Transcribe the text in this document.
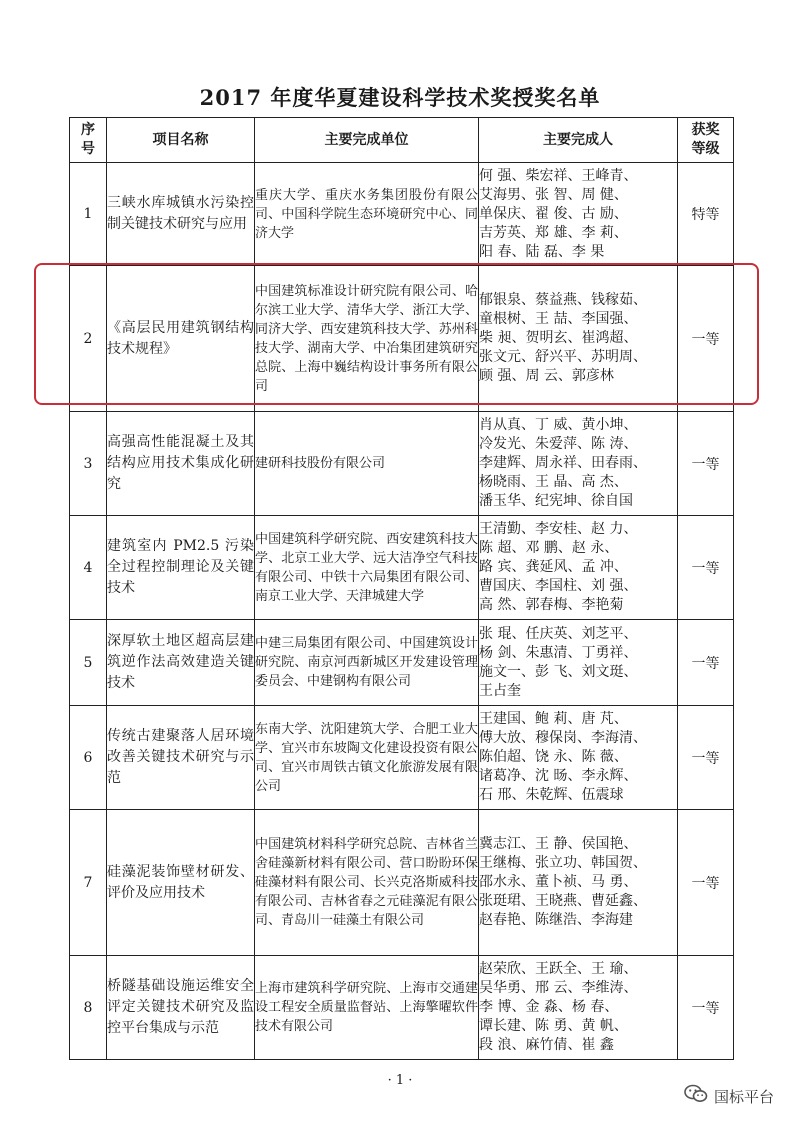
2017 年度华夏建设科学技术奖授奖名单
序号	项目名称	主要完成单位	主要完成人	获奖等级
1	三峡水库城镇水污染控制关键技术研究与应用	重庆大学、重庆水务集团股份有限公司、中国科学院生态环境研究中心、同济大学	何 强、柴宏祥、王峰青、
艾海男、张 智、周 健、
单保庆、翟 俊、古 励、
吉芳英、郑 雄、李 莉、
阳 春、陆 磊、李 果	特等
2	《高层民用建筑钢结构技术规程》	中国建筑标准设计研究院有限公司、哈尔滨工业大学、清华大学、浙江大学、同济大学、西安建筑科技大学、苏州科技大学、湖南大学、中冶集团建筑研究总院、上海中巍结构设计事务所有限公司	郁银泉、蔡益燕、钱稼茹、
童根树、王 喆、李国强、
柴 昶、贺明玄、崔鸿超、
张文元、舒兴平、苏明周、
顾 强、周 云、郭彦林	一等
3	高强高性能混凝土及其结构应用技术集成化研究	建研科技股份有限公司	肖从真、丁 威、黄小坤、
冷发光、朱爱萍、陈 涛、
李建辉、周永祥、田春雨、
杨晓雨、王 晶、高 杰、
潘玉华、纪宪坤、徐自国	一等
4	建筑室内 PM2.5 污染全过程控制理论及关键技术	中国建筑科学研究院、西安建筑科技大学、北京工业大学、远大洁净空气科技有限公司、中铁十六局集团有限公司、南京工业大学、天津城建大学	王清勤、李安桂、赵 力、
陈 超、邓 鹏、赵 永、
路 宾、龚延风、孟 冲、
曹国庆、李国柱、刘 强、
高 然、郭春梅、李艳菊	一等
5	深厚软土地区超高层建筑逆作法高效建造关键技术	中建三局集团有限公司、中国建筑设计研究院、南京河西新城区开发建设管理委员会、中建钢构有限公司	张 琨、任庆英、刘芝平、
杨 剑、朱惠清、丁勇祥、
施文一、彭 飞、刘文珽、
王占奎	一等
6	传统古建聚落人居环境改善关键技术研究与示范	东南大学、沈阳建筑大学、合肥工业大学、宜兴市东坡陶文化建设投资有限公司、宜兴市周铁古镇文化旅游发展有限公司	王建国、鲍 莉、唐 芃、
傅大放、穆保岗、李海清、
陈伯超、饶 永、陈 薇、
诸葛净、沈 旸、李永辉、
石 邢、朱乾辉、伍震球	一等
7	硅藻泥装饰壁材研发、评价及应用技术	中国建筑材料科学研究总院、吉林省兰舍硅藻新材料有限公司、营口盼盼环保硅藻材料有限公司、长兴克洛斯威科技有限公司、吉林省春之元硅藻泥有限公司、青岛川一硅藻土有限公司	冀志江、王 静、侯国艳、
王继梅、张立功、韩国贺、
邵水永、董卜祯、马 勇、
张珽珺、王晓燕、曹延鑫、
赵春艳、陈继浩、李海建	一等
8	桥隧基础设施运维安全评定关键技术研究及监控平台集成与示范	上海市建筑科学研究院、上海市交通建设工程安全质量监督站、上海擎曜软件技术有限公司	赵荣欣、王跃全、王 瑜、
吴华勇、邢 云、李维涛、
李 博、金 淼、杨 春、
谭长建、陈 勇、黄 帆、
段 浪、麻竹倩、崔 鑫	一等
· 1 ·
国标平台
